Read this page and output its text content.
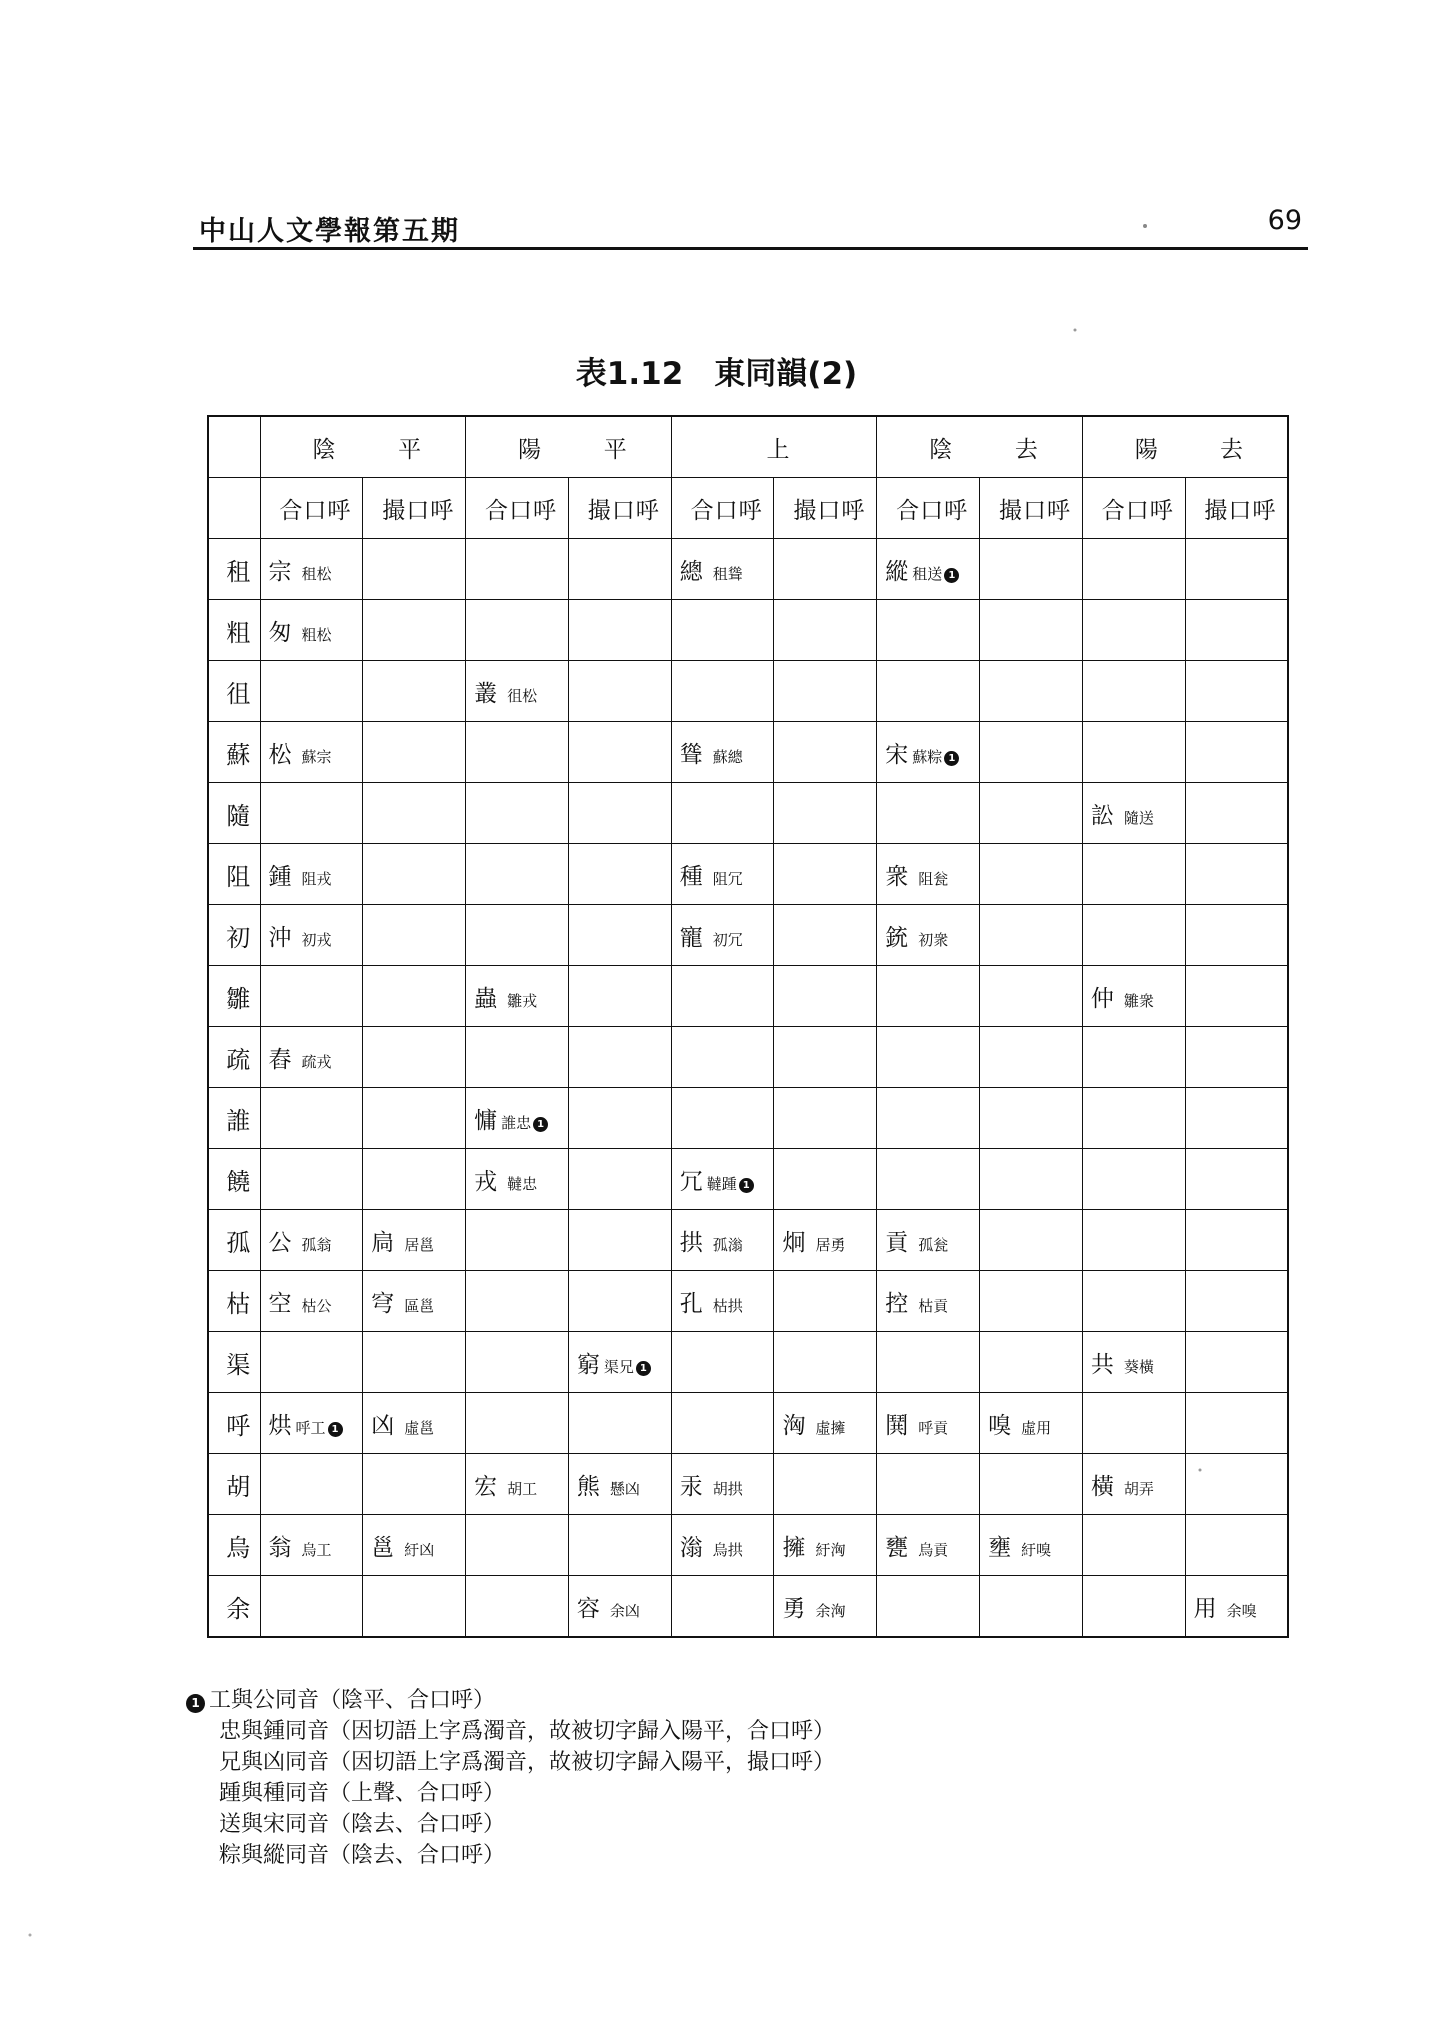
中山人文學報第五期	69
表1.12　東同韻(2)

	陰 平		陽 平		上		陰 去		陽 去	

	合口呼	撮口呼	合口呼	撮口呼	合口呼	撮口呼	合口呼	撮口呼	合口呼	撮口呼
租	宗 租松				總 租聳		縱 租送 1			
粗	匆 粗松									
徂			叢 徂松							
蘇	松 蘇宗				聳 蘇總		宋 蘇粽 1			
隨									訟 隨送	
阻	鍾 阻戎				種 阻冗		衆 阻瓮			
初	沖 初戎				寵 初冗		銃 初衆			
雛			蟲 雛戎						仲 雛衆	
疏	舂 疏戎									
誰			慵 誰忠 1							
饒			戎 韃忠		冗 韃踵 1					
孤	公 孤翁	扃 居邕			拱 孤滃	炯 居勇	貢 孤瓮			
枯	空 枯公	穹 區邕			孔 枯拱		控 枯貢			
渠				窮 渠兄 1					共 葵橫	
呼	烘 呼工 1	凶 虛邕				洶 虛擁	鬨 呼貢	嗅 虛用		
胡			宏 胡工	熊 懸凶	汞 胡拱				橫 胡弄	
烏	翁 烏工	邕 紆凶			滃 烏拱	擁 紆洶	甕 烏貢	壅 紆嗅		
余				容 余凶		勇 余洶				用 余嗅
1 工與公同音（陰平、合口呼）
忠與鍾同音（因切語上字爲濁音，故被切字歸入陽平，合口呼）
兄與凶同音（因切語上字爲濁音，故被切字歸入陽平，撮口呼）
踵與種同音（上聲、合口呼）
送與宋同音（陰去、合口呼）
粽與縱同音（陰去、合口呼）
